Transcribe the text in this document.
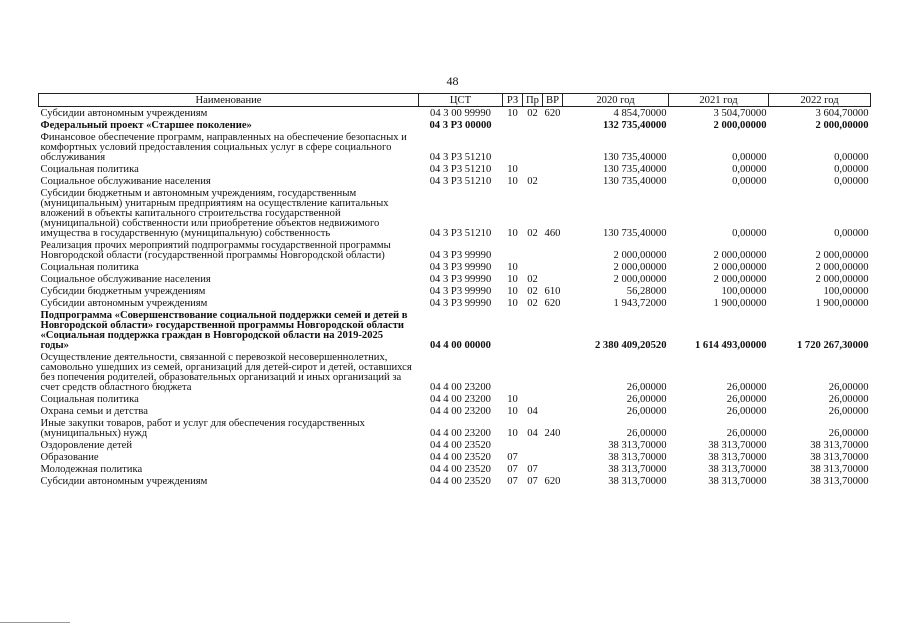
48
Наименование	ЦСТ	РЗ	Пр	ВР	2020 год	2021 год	2022 год
Субсидии автономным учреждениям	04 3 00 99990	10	02	620	4 854,70000	3 504,70000	3 604,70000
Федеральный проект «Старшее поколение»	04 3 Р3 00000				132 735,40000	2 000,00000	2 000,00000
Финансовое обеспечение программ, направленных на обеспечение безопасных и комфортных условий предоставления социальных услуг в сфере социального обслуживания	04 3 Р3 51210				130 735,40000	0,00000	0,00000
Социальная политика	04 3 Р3 51210	10			130 735,40000	0,00000	0,00000
Социальное обслуживание населения	04 3 Р3 51210	10	02		130 735,40000	0,00000	0,00000
Субсидии бюджетным и автономным учреждениям, государственным (муниципальным) унитарным предприятиям на осуществление капитальных вложений в объекты капитального строительства государственной (муниципальной) собственности или приобретение объектов недвижимого имущества в государственную (муниципальную) собственность	04 3 Р3 51210	10	02	460	130 735,40000	0,00000	0,00000
Реализация прочих мероприятий подпрограммы государственной программы Новгородской области (государственной программы Новгородской области)	04 3 Р3 99990				2 000,00000	2 000,00000	2 000,00000
Социальная политика	04 3 Р3 99990	10			2 000,00000	2 000,00000	2 000,00000
Социальное обслуживание населения	04 3 Р3 99990	10	02		2 000,00000	2 000,00000	2 000,00000
Субсидии бюджетным учреждениям	04 3 Р3 99990	10	02	610	56,28000	100,00000	100,00000
Субсидии автономным учреждениям	04 3 Р3 99990	10	02	620	1 943,72000	1 900,00000	1 900,00000
Подпрограмма «Совершенствование социальной поддержки семей и детей в Новгородской области» государственной программы Новгородской области «Социальная поддержка граждан в Новгородской области на 2019-2025 годы»	04 4 00 00000				2 380 409,20520	1 614 493,00000	1 720 267,30000
Осуществление деятельности, связанной с перевозкой несовершеннолетних, самовольно ушедших из семей, организаций для детей-сирот и детей, оставшихся без попечения родителей, образовательных организаций и иных организаций за счет средств областного бюджета	04 4 00 23200				26,00000	26,00000	26,00000
Социальная политика	04 4 00 23200	10			26,00000	26,00000	26,00000
Охрана семьи и детства	04 4 00 23200	10	04		26,00000	26,00000	26,00000
Иные закупки товаров, работ и услуг для обеспечения государственных (муниципальных) нужд	04 4 00 23200	10	04	240	26,00000	26,00000	26,00000
Оздоровление детей	04 4 00 23520				38 313,70000	38 313,70000	38 313,70000
Образование	04 4 00 23520	07			38 313,70000	38 313,70000	38 313,70000
Молодежная политика	04 4 00 23520	07	07		38 313,70000	38 313,70000	38 313,70000
Субсидии автономным учреждениям	04 4 00 23520	07	07	620	38 313,70000	38 313,70000	38 313,70000
